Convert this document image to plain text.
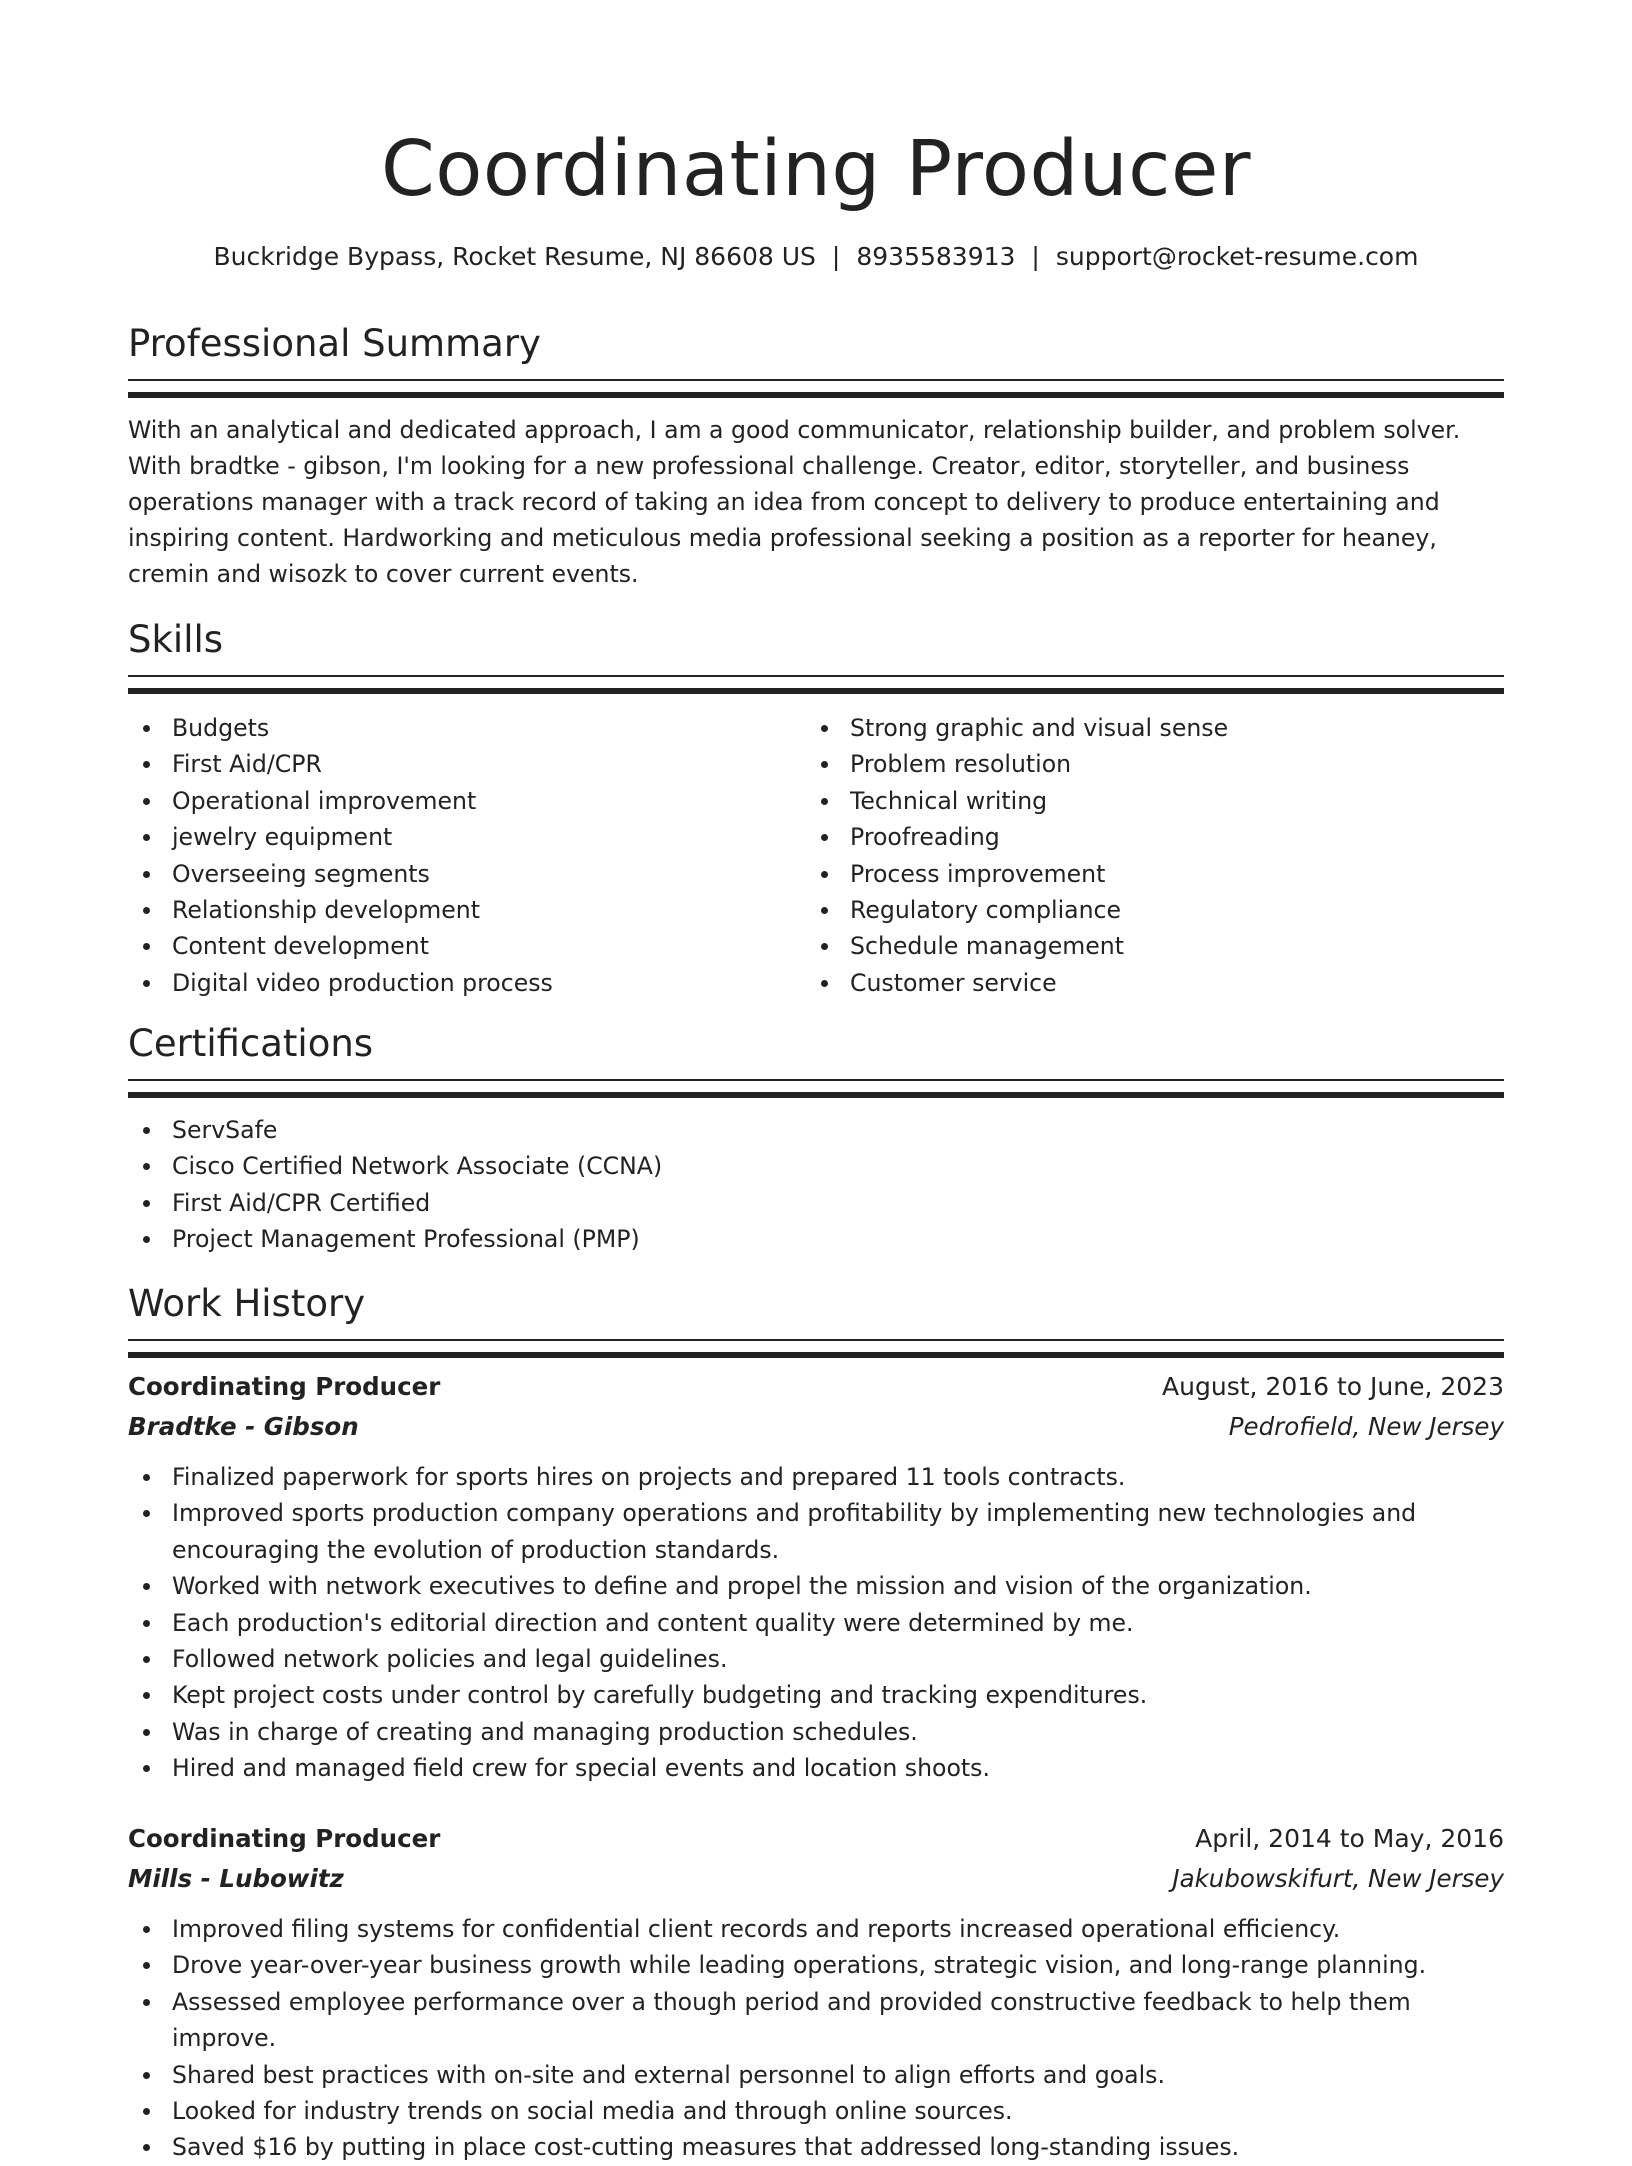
Coordinating Producer
Buckridge Bypass, Rocket Resume, NJ 86608 US | 8935583913 | support@rocket-resume.com
Professional Summary

With an analytical and dedicated approach, I am a good communicator, relationship builder, and problem solver. With bradtke - gibson, I'm looking for a new professional challenge. Creator, editor, storyteller, and business operations manager with a track record of taking an idea from concept to delivery to produce entertaining and inspiring content. Hardworking and meticulous media professional seeking a position as a reporter for heaney, cremin and wisozk to cover current events.

Skills
Budgets
First Aid/CPR
Operational improvement
jewelry equipment
Overseeing segments
Relationship development
Content development
Digital video production process
Strong graphic and visual sense
Problem resolution
Technical writing
Proofreading
Process improvement
Regulatory compliance
Schedule management
Customer service
Certifications
ServSafe
Cisco Certified Network Associate (CCNA)
First Aid/CPR Certified
Project Management Professional (PMP)
Work History
Coordinating Producer	August, 2016 to June, 2023
Bradtke - Gibson	Pedrofield, New Jersey
Finalized paperwork for sports hires on projects and prepared 11 tools contracts.
Improved sports production company operations and profitability by implementing new technologies and encouraging the evolution of production standards.
Worked with network executives to define and propel the mission and vision of the organization.
Each production's editorial direction and content quality were determined by me.
Followed network policies and legal guidelines.
Kept project costs under control by carefully budgeting and tracking expenditures.
Was in charge of creating and managing production schedules.
Hired and managed field crew for special events and location shoots.
Coordinating Producer	April, 2014 to May, 2016
Mills - Lubowitz	Jakubowskifurt, New Jersey
Improved filing systems for confidential client records and reports increased operational efficiency.
Drove year-over-year business growth while leading operations, strategic vision, and long-range planning.
Assessed employee performance over a though period and provided constructive feedback to help them improve.
Shared best practices with on-site and external personnel to align efforts and goals.
Looked for industry trends on social media and through online sources.
Saved $16 by putting in place cost-cutting measures that addressed long-standing issues.
